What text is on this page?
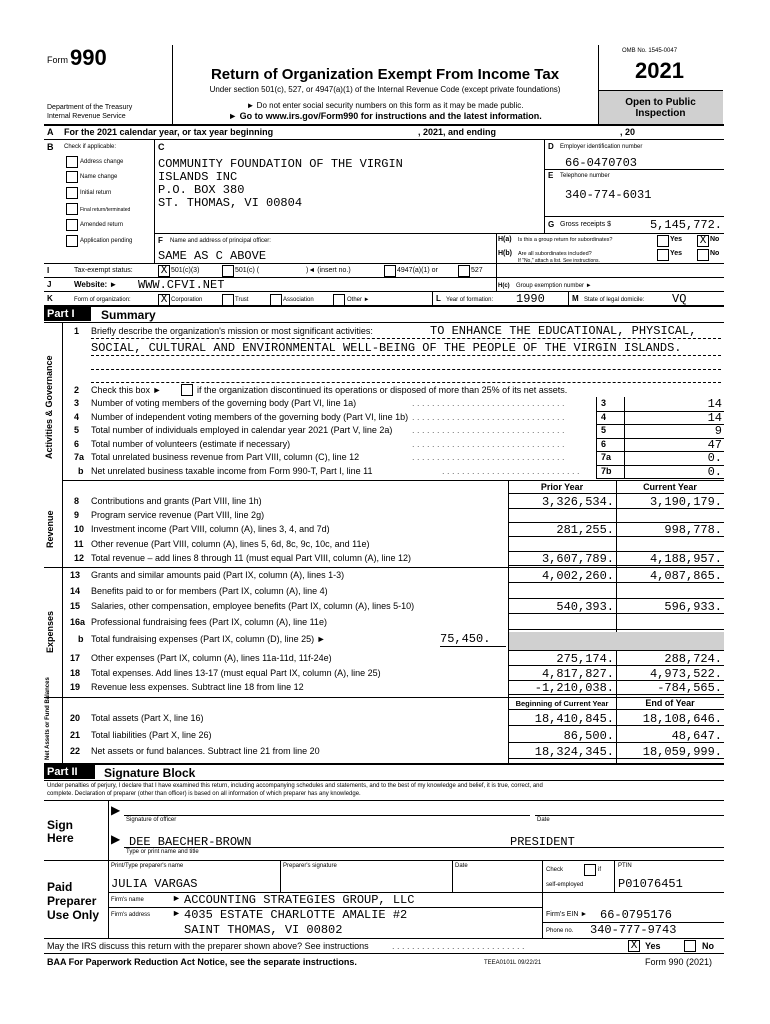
Form 990
Return of Organization Exempt From Income Tax
Under section 501(c), 527, or 4947(a)(1) of the Internal Revenue Code (except private foundations)
► Do not enter social security numbers on this form as it may be made public.
► Go to www.irs.gov/Form990 for instructions and the latest information.
Department of the Treasury
Internal Revenue Service
OMB No. 1545-0047
2021
Open to Public
Inspection
A For the 2021 calendar year, or tax year beginning	, 2021, and ending	, 20
B Check if applicable:
Address change
Name change
Initial return
Final return/terminated
Amended return
Application pending
C
COMMUNITY FOUNDATION OF THE VIRGIN
ISLANDS INC
P.O. BOX 380
ST. THOMAS, VI 00804
D Employer identification number
66-0470703
E Telephone number
340-774-6031
G Gross receipts $	5,145,772.
F Name and address of principal officer:
SAME AS C ABOVE
H(a) Is this a group return for subordinates?	Yes X No
H(b) Are all subordinates included?
If "No," attach a list. See instructions.
Yes	No
I	Tax-exempt status:	X 501(c)(3)	501(c) (	)◄ (insert no.)	4947(a)(1) or	527
J	Website: ► WWW.CFVI.NET	H(c) Group exemption number ►
K	Form of organization:	X Corporation	Trust	Association	Other ►	L Year of formation: 1990	M State of legal domicile: VQ
Part I	Summary
Activities & Governance
Revenue
Expenses
Net Assets or Fund Balances
1 Briefly describe the organization's mission or most significant activities:	TO ENHANCE THE EDUCATIONAL, PHYSICAL,
SOCIAL, CULTURAL AND ENVIRONMENTAL WELL-BEING OF THE PEOPLE OF THE VIRGIN ISLANDS.
2 Check this box ►	if the organization discontinued its operations or disposed of more than 25% of its net assets.
3 Number of voting members of the governing body (Part VI, line 1a)	. . . . . . . . . . . . . . . . . . . . . . . . . . . . . . .	3	14
4 Number of independent voting members of the governing body (Part VI, line 1b) . . . . . . . . . . . . . . . . . . . . . . . . . . . . . . .	4	14
5 Total number of individuals employed in calendar year 2021 (Part V, line 2a) . . . . . . . . . . . . . . . . . . . . . . . . . . . . . . .	5	9
6 Total number of volunteers (estimate if necessary)	. . . . . . . . . . . . . . . . . . . . . . . . . . . . . . .	6	47
7a Total unrelated business revenue from Part VIII, column (C), line 12	. . . . . . . . . . . . . . . . . . . . . . . . . . . . . . .	7a	0.
b Net unrelated business taxable income from Form 990-T, Part I, line 11	. . . . . . . . . . . . . . . . . . . . . . . . . . . .	7b	0.
Prior Year	Current Year
8 Contributions and grants (Part VIII, line 1h)	3,326,534.	3,190,179.
9 Program service revenue (Part VIII, line 2g)
10 Investment income (Part VIII, column (A), lines 3, 4, and 7d)	281,255.	998,778.
11 Other revenue (Part VIII, column (A), lines 5, 6d, 8c, 9c, 10c, and 11e)
12 Total revenue – add lines 8 through 11 (must equal Part VIII, column (A), line 12)	3,607,789.	4,188,957.
13 Grants and similar amounts paid (Part IX, column (A), lines 1-3)	4,002,260.	4,087,865.
14 Benefits paid to or for members (Part IX, column (A), line 4)
15 Salaries, other compensation, employee benefits (Part IX, column (A), lines 5-10)	540,393.	596,933.
16a Professional fundraising fees (Part IX, column (A), line 11e)
b Total fundraising expenses (Part IX, column (D), line 25) ►	75,450.
17 Other expenses (Part IX, column (A), lines 11a-11d, 11f-24e)	275,174.	288,724.
18 Total expenses. Add lines 13-17 (must equal Part IX, column (A), line 25)	4,817,827.	4,973,522.
19 Revenue less expenses. Subtract line 18 from line 12	-1,210,038.	-784,565.
Beginning of Current Year	End of Year
20 Total assets (Part X, line 16)	18,410,845.	18,108,646.
21 Total liabilities (Part X, line 26)	86,500.	48,647.
22 Net assets or fund balances. Subtract line 21 from line 20	18,324,345.	18,059,999.
Part II	Signature Block
Under penalties of perjury, I declare that I have examined this return, including accompanying schedules and statements, and to the best of my knowledge and belief, it is true, correct, and
complete. Declaration of preparer (other than officer) is based on all information of which preparer has any knowledge.
Sign
Here
▶
Signature of officer	Date
▶ DEE BAECHER-BROWN	PRESIDENT
Type or print name and title
Paid
Preparer
Use Only
Print/Type preparer's name	Preparer's signature	Date
Check	if
self-employed
PTIN
JULIA VARGAS	P01076451
Firm's name	► ACCOUNTING STRATEGIES GROUP, LLC
Firm's address ► 4035 ESTATE CHARLOTTE AMALIE #2	Firm's EIN ► 66-0795176
SAINT THOMAS, VI 00802	Phone no. 340-777-9743
May the IRS discuss this return with the preparer shown above? See instructions	. . . . . . . . . . . . . . . . . . . . . . . . . . .	X Yes	No
BAA For Paperwork Reduction Act Notice, see the separate instructions.	TEEA0101L 09/22/21	Form 990 (2021)
